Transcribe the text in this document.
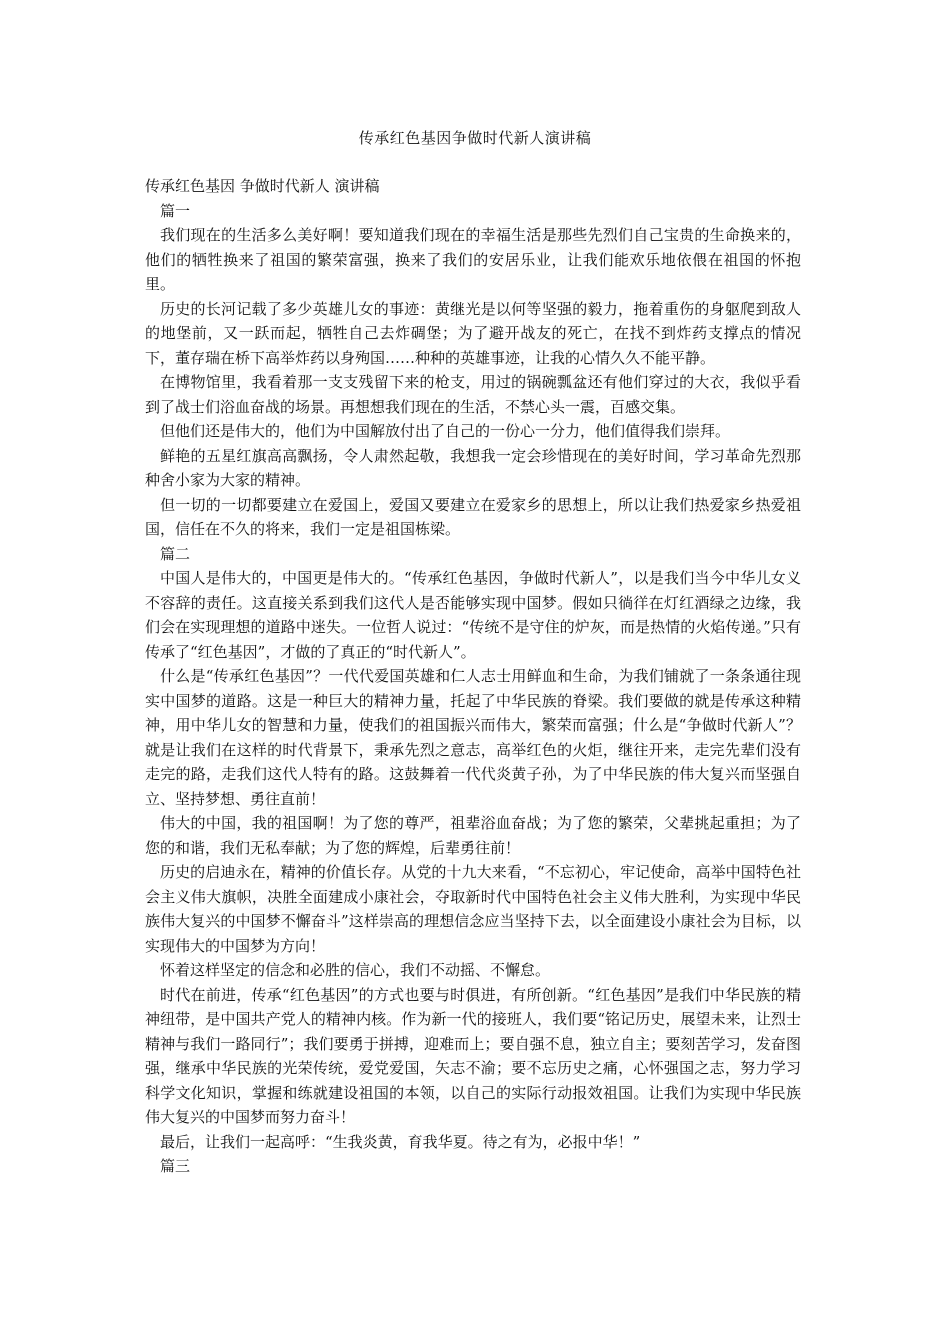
传承红色基因争做时代新人演讲稿

传承红色基因 争做时代新人 演讲稿

篇一

我们现在的生活多么美好啊！要知道我们现在的幸福生活是那些先烈们自己宝贵的生命换来的，他们的牺牲换来了祖国的繁荣富强，换来了我们的安居乐业，让我们能欢乐地依偎在祖国的怀抱里。

历史的长河记载了多少英雄儿女的事迹：黄继光是以何等坚强的毅力，拖着重伤的身躯爬到敌人的地堡前，又一跃而起，牺牲自己去炸碉堡；为了避开战友的死亡，在找不到炸药支撑点的情况下，董存瑞在桥下高举炸药以身殉国……种种的英雄事迹，让我的心情久久不能平静。

在博物馆里，我看着那一支支残留下来的枪支，用过的锅碗瓢盆还有他们穿过的大衣，我似乎看到了战士们浴血奋战的场景。再想想我们现在的生活，不禁心头一震，百感交集。

但他们还是伟大的，他们为中国解放付出了自己的一份心一分力，他们值得我们崇拜。

鲜艳的五星红旗高高飘扬，令人肃然起敬，我想我一定会珍惜现在的美好时间，学习革命先烈那种舍小家为大家的精神。

但一切的一切都要建立在爱国上，爱国又要建立在爱家乡的思想上，所以让我们热爱家乡热爱祖国，信任在不久的将来，我们一定是祖国栋梁。

篇二

中国人是伟大的，中国更是伟大的。“传承红色基因，争做时代新人”，以是我们当今中华儿女义不容辞的责任。这直接关系到我们这代人是否能够实现中国梦。假如只徜徉在灯红酒绿之边缘，我们会在实现理想的道路中迷失。一位哲人说过：“传统不是守住的炉灰，而是热情的火焰传递。”只有传承了“红色基因”，才做的了真正的“时代新人”。

什么是“传承红色基因”？一代代爱国英雄和仁人志士用鲜血和生命，为我们铺就了一条条通往现实中国梦的道路。这是一种巨大的精神力量，托起了中华民族的脊梁。我们要做的就是传承这种精神，用中华儿女的智慧和力量，使我们的祖国振兴而伟大，繁荣而富强；什么是“争做时代新人”？就是让我们在这样的时代背景下，秉承先烈之意志，高举红色的火炬，继往开来，走完先辈们没有走完的路，走我们这代人特有的路。这鼓舞着一代代炎黄子孙，为了中华民族的伟大复兴而坚强自立、坚持梦想、勇往直前！

伟大的中国，我的祖国啊！为了您的尊严，祖辈浴血奋战；为了您的繁荣，父辈挑起重担；为了您的和谐，我们无私奉献；为了您的辉煌，后辈勇往前！

历史的启迪永在，精神的价值长存。从党的十九大来看，“不忘初心，牢记使命，高举中国特色社会主义伟大旗帜，决胜全面建成小康社会，夺取新时代中国特色社会主义伟大胜利，为实现中华民族伟大复兴的中国梦不懈奋斗”这样崇高的理想信念应当坚持下去，以全面建设小康社会为目标，以实现伟大的中国梦为方向！

怀着这样坚定的信念和必胜的信心，我们不动摇、不懈怠。

时代在前进，传承“红色基因”的方式也要与时俱进，有所创新。“红色基因”是我们中华民族的精神纽带，是中国共产党人的精神内核。作为新一代的接班人，我们要“铭记历史，展望未来，让烈士精神与我们一路同行”；我们要勇于拼搏，迎难而上；要自强不息，独立自主；要刻苦学习，发奋图强，继承中华民族的光荣传统，爱党爱国，矢志不渝；要不忘历史之痛，心怀强国之志，努力学习科学文化知识，掌握和练就建设祖国的本领，以自己的实际行动报效祖国。让我们为实现中华民族伟大复兴的中国梦而努力奋斗！

最后，让我们一起高呼：“生我炎黄，育我华夏。待之有为，必报中华！”

篇三
